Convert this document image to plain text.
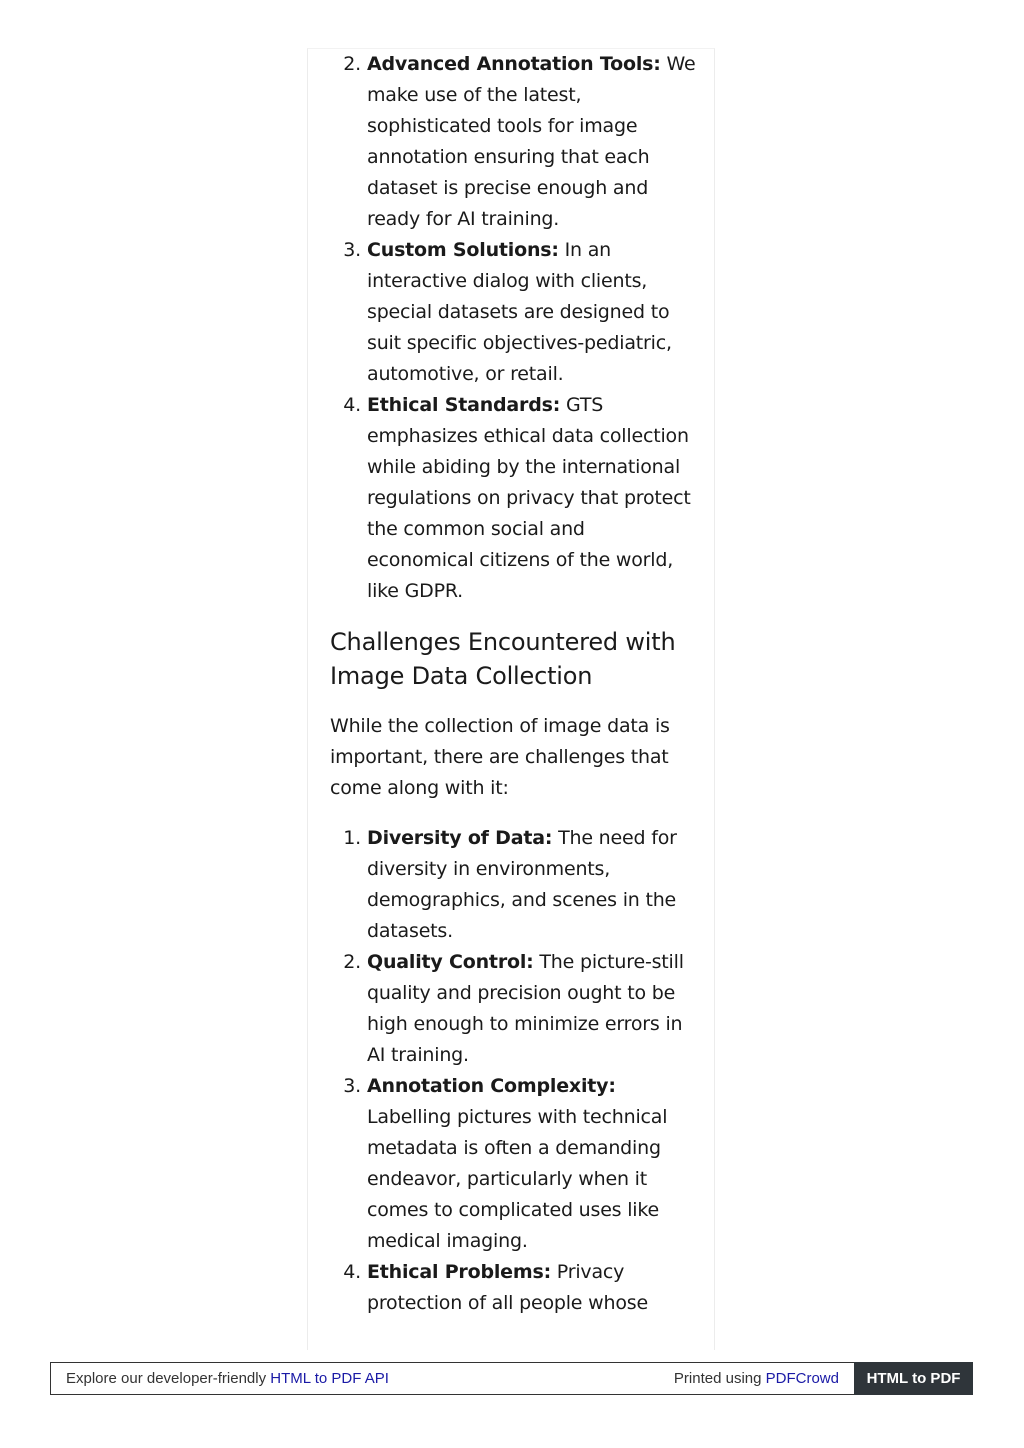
2. Advanced Annotation Tools: We make use of the latest, sophisticated tools for image annotation ensuring that each dataset is precise enough and ready for AI training.
3. Custom Solutions: In an interactive dialog with clients, special datasets are designed to suit specific objectives-pediatric, automotive, or retail.
4. Ethical Standards: GTS emphasizes ethical data collection while abiding by the international regulations on privacy that protect the common social and economical citizens of the world, like GDPR.
Challenges Encountered with Image Data Collection

While the collection of image data is important, there are challenges that come along with it:

1. Diversity of Data: The need for diversity in environments, demographics, and scenes in the datasets.
2. Quality Control: The picture-still quality and precision ought to be high enough to minimize errors in AI training.
3. Annotation Complexity: Labelling pictures with technical metadata is often a demanding endeavor, particularly when it comes to complicated uses like medical imaging.
4. Ethical Problems: Privacy protection of all people whose
Explore our developer-friendly HTML to PDF API	Printed using PDFCrowd	HTML to PDF
